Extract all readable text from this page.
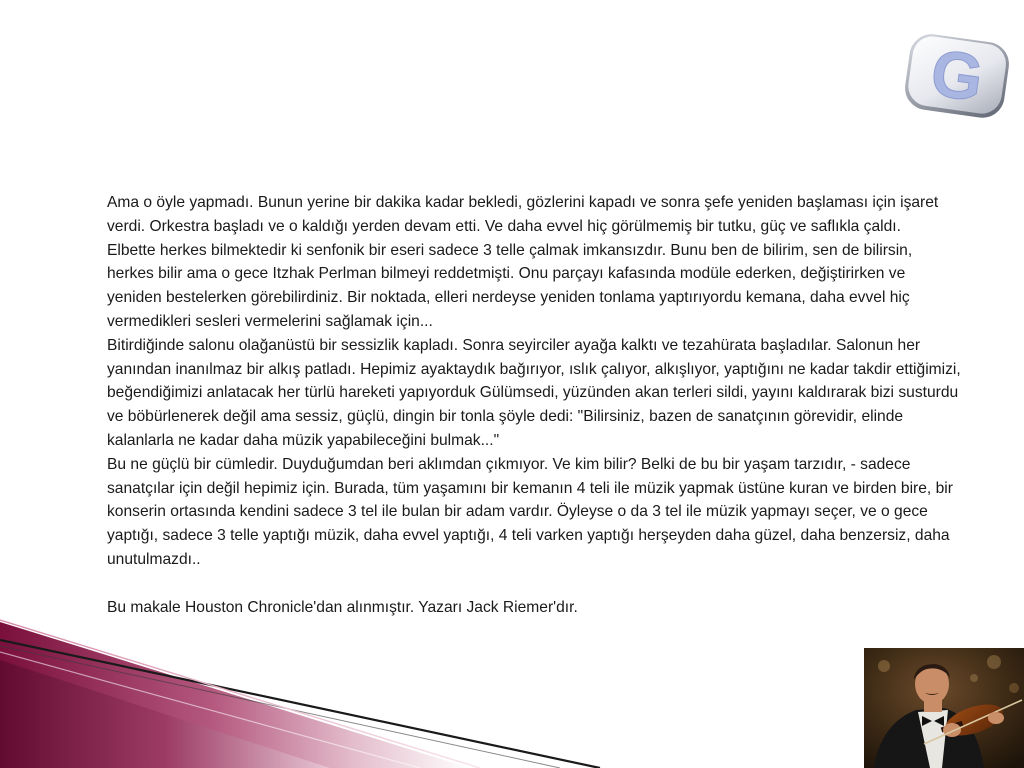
G

Ama o öyle yapmadı. Bunun yerine bir dakika kadar bekledi, gözlerini kapadı ve sonra şefe yeniden başlaması için işaret verdi. Orkestra başladı ve o kaldığı yerden devam etti. Ve daha evvel hiç görülmemiş bir tutku, güç ve saflıkla çaldı.

Elbette herkes bilmektedir ki senfonik bir eseri sadece 3 telle çalmak imkansızdır. Bunu ben de bilirim, sen de bilirsin, herkes bilir ama o gece Itzhak Perlman bilmeyi reddetmişti. Onu parçayı kafasında modüle ederken, değiştirirken ve yeniden bestelerken görebilirdiniz. Bir noktada, elleri nerdeyse yeniden tonlama yaptırıyordu kemana, daha evvel hiç vermedikleri sesleri vermelerini sağlamak için...

Bitirdiğinde salonu olağanüstü bir sessizlik kapladı. Sonra seyirciler ayağa kalktı ve tezahürata başladılar. Salonun her yanından inanılmaz bir alkış patladı. Hepimiz ayaktaydık bağırıyor, ıslık çalıyor, alkışlıyor, yaptığını ne kadar takdir ettiğimizi, beğendiğimizi anlatacak her türlü hareketi yapıyorduk Gülümsedi, yüzünden akan terleri sildi, yayını kaldırarak bizi susturdu ve böbürlenerek değil ama sessiz, güçlü, dingin bir tonla şöyle dedi: "Bilirsiniz, bazen de sanatçının görevidir, elinde kalanlarla ne kadar daha müzik yapabileceğini bulmak..."

Bu ne güçlü bir cümledir. Duyduğumdan beri aklımdan çıkmıyor. Ve kim bilir? Belki de bu bir yaşam tarzıdır, - sadece sanatçılar için değil hepimiz için. Burada, tüm yaşamını bir kemanın 4 teli ile müzik yapmak üstüne kuran ve birden bire, bir konserin ortasında kendini sadece 3 tel ile bulan bir adam vardır. Öyleyse o da 3 tel ile müzik yapmayı seçer, ve o gece yaptığı, sadece 3 telle yaptığı müzik, daha evvel yaptığı, 4 teli varken yaptığı herşeyden daha güzel, daha benzersiz, daha unutulmazdı..

Bu makale Houston Chronicle'dan alınmıştır. Yazarı Jack Riemer'dır.
